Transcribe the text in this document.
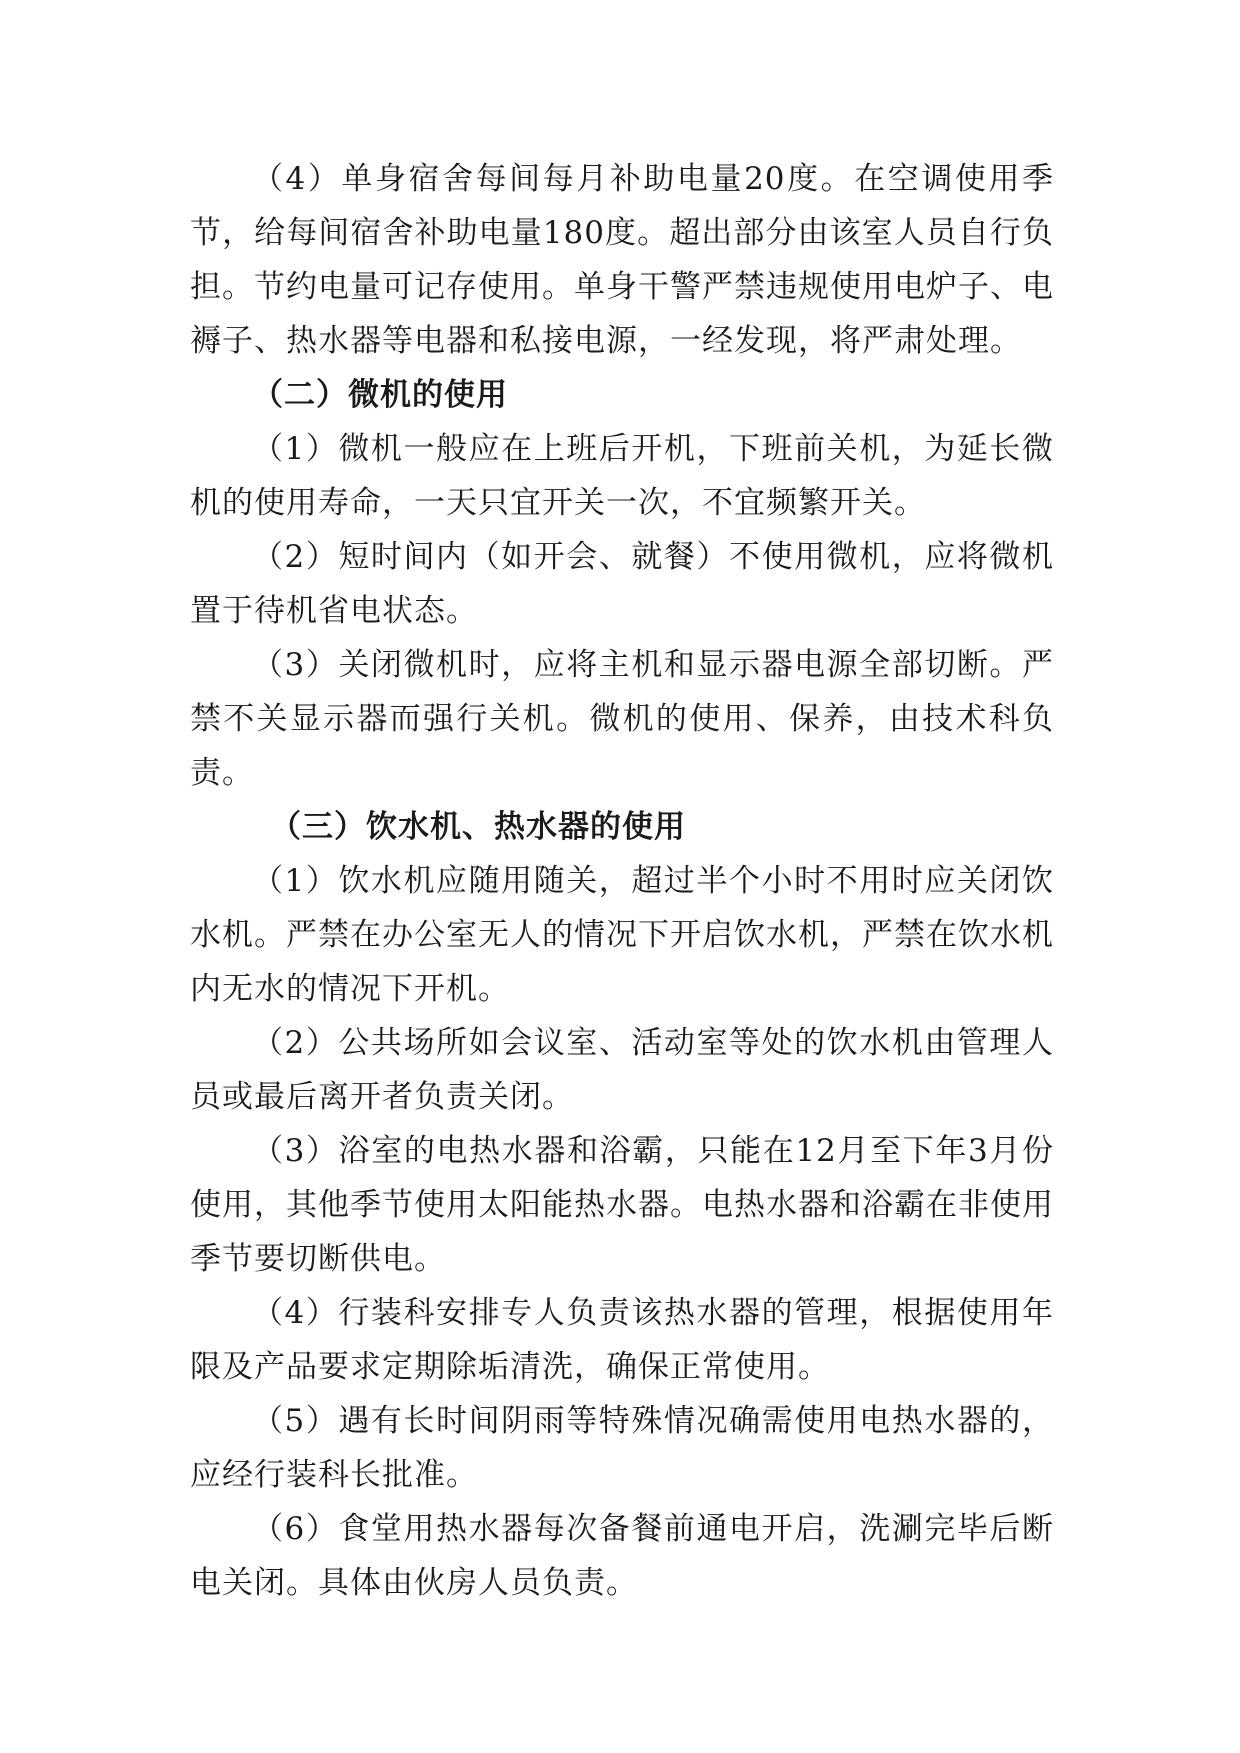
（4）单身宿舍每间每月补助电量20度。在空调使用季节，给每间宿舍补助电量180度。超出部分由该室人员自行负担。节约电量可记存使用。单身干警严禁违规使用电炉子、电褥子、热水器等电器和私接电源，一经发现，将严肃处理。

（二）微机的使用

（1）微机一般应在上班后开机，下班前关机，为延长微机的使用寿命，一天只宜开关一次，不宜频繁开关。

（2）短时间内（如开会、就餐）不使用微机，应将微机置于待机省电状态。

（3）关闭微机时，应将主机和显示器电源全部切断。严禁不关显示器而强行关机。微机的使用、保养，由技术科负责。

（三）饮水机、热水器的使用

（1）饮水机应随用随关，超过半个小时不用时应关闭饮水机。严禁在办公室无人的情况下开启饮水机，严禁在饮水机内无水的情况下开机。

（2）公共场所如会议室、活动室等处的饮水机由管理人员或最后离开者负责关闭。

（3）浴室的电热水器和浴霸，只能在12月至下年3月份使用，其他季节使用太阳能热水器。电热水器和浴霸在非使用季节要切断供电。

（4）行装科安排专人负责该热水器的管理，根据使用年限及产品要求定期除垢清洗，确保正常使用。

（5）遇有长时间阴雨等特殊情况确需使用电热水器的，应经行装科长批准。

（6）食堂用热水器每次备餐前通电开启，洗涮完毕后断电关闭。具体由伙房人员负责。
